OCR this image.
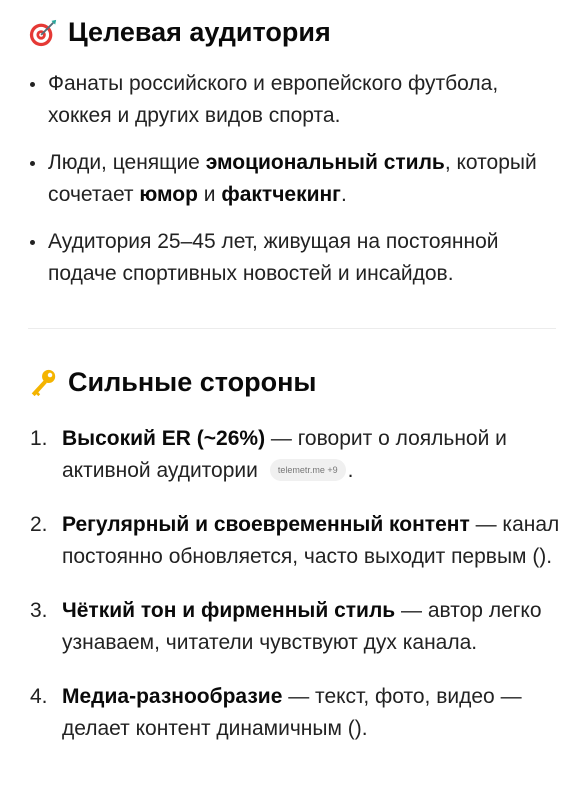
Целевая аудитория
Фанаты российского и европейского футбола, хоккея и других видов спорта.
Люди, ценящие эмоциональный стиль, который сочетает юмор и фактчекинг.
Аудитория 25–45 лет, живущая на постоянной подаче спортивных новостей и инсайдов.
Сильные стороны
1. Высокий ER (~26%) — говорит о лояльной и активной аудитории telemetr.me +9 .
2. Регулярный и своевременный контент — канал постоянно обновляется, часто выходит первым ().
3. Чёткий тон и фирменный стиль — автор легко узнаваем, читатели чувствуют дух канала.
4. Медиа-разнообразие — текст, фото, видео — делает контент динамичным ().
